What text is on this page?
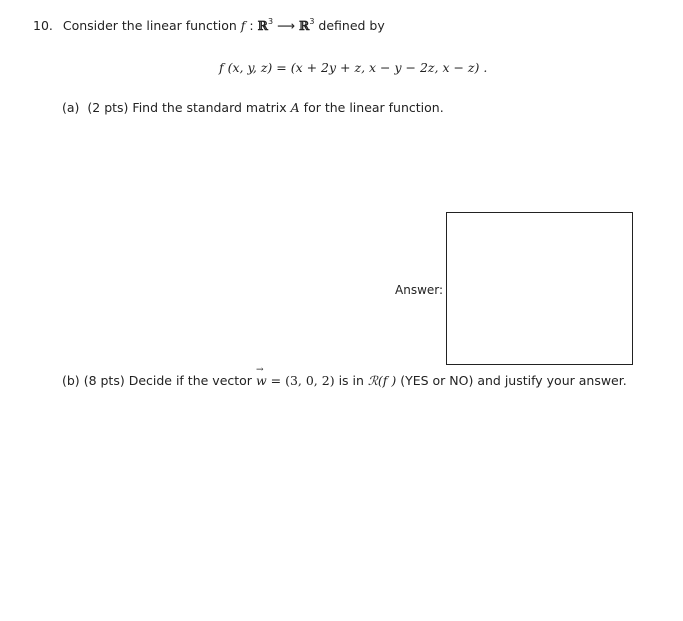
10. Consider the linear function f : ℝ$^3$ ⟶ ℝ$^3$ defined by
f (x, y, z) = (x + 2y + z, x − y − 2z, x − z) .
(a) (2 pts) Find the standard matrix A for the linear function.
Answer:
(b) (8 pts) Decide if the vector → w = (3, 0, 2) is in ℛ(f ) (YES or NO) and justify your answer.
